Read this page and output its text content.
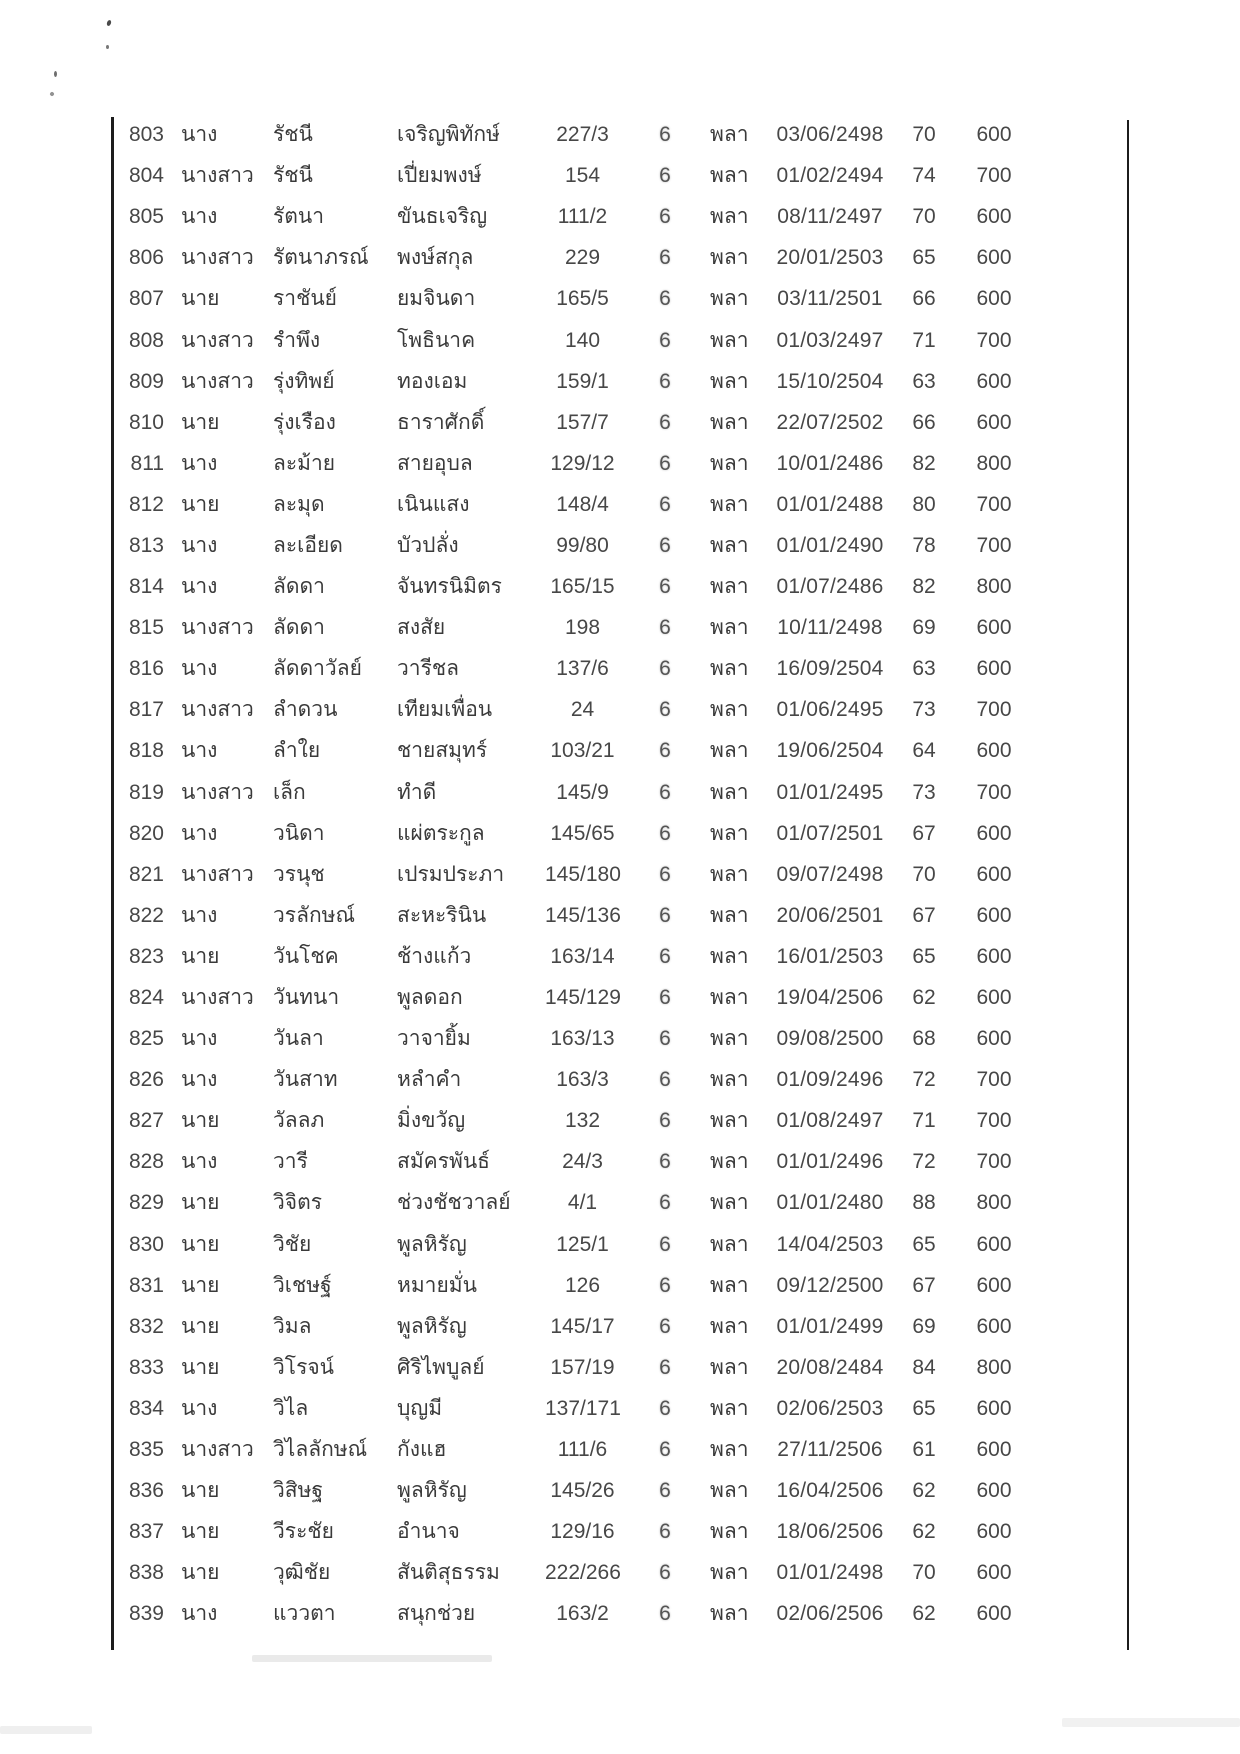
803 นาง	รัชนี	เจริญพิทักษ์	227/3	6	พลา	03/06/2498	70	600
804 นางสาว รัชนี	เปี่ยมพงษ์	154	6	พลา	01/02/2494	74	700
805 นาง	รัตนา	ขันธเจริญ	111/2	6	พลา	08/11/2497	70	600
806 นางสาว รัตนาภรณ์	พงษ์สกุล	229	6	พลา	20/01/2503	65	600
807 นาย	ราชันย์	ยมจินดา	165/5	6	พลา	03/11/2501	66	600
808 นางสาว รำพึง	โพธินาค	140	6	พลา	01/03/2497	71	700
809 นางสาว รุ่งทิพย์	ทองเอม	159/1	6	พลา	15/10/2504	63	600
810 นาย	รุ่งเรือง	ธาราศักดิ์	157/7	6	พลา	22/07/2502	66	600
811 นาง	ละม้าย	สายอุบล	129/12	6	พลา	10/01/2486	82	800
812 นาย	ละมุด	เนินแสง	148/4	6	พลา	01/01/2488	80	700
813 นาง	ละเอียด	บัวปลั่ง	99/80	6	พลา	01/01/2490	78	700
814 นาง	ลัดดา	จันทรนิมิตร	165/15	6	พลา	01/07/2486	82	800
815 นางสาว ลัดดา	สงสัย	198	6	พลา	10/11/2498	69	600
816 นาง	ลัดดาวัลย์	วารีชล	137/6	6	พลา	16/09/2504	63	600
817 นางสาว ลำดวน	เทียมเพื่อน	24	6	พลา	01/06/2495	73	700
818 นาง	ลำใย	ชายสมุทร์	103/21	6	พลา	19/06/2504	64	600
819 นางสาว เล็ก	ทำดี	145/9	6	พลา	01/01/2495	73	700
820 นาง	วนิดา	แผ่ตระกูล	145/65	6	พลา	01/07/2501	67	600
821 นางสาว วรนุช	เปรมประภา	145/180	6	พลา	09/07/2498	70	600
822 นาง	วรลักษณ์	สะหะรินิน	145/136	6	พลา	20/06/2501	67	600
823 นาย	วันโชค	ช้างแก้ว	163/14	6	พลา	16/01/2503	65	600
824 นางสาว วันทนา	พูลดอก	145/129	6	พลา	19/04/2506	62	600
825 นาง	วันลา	วาจายิ้ม	163/13	6	พลา	09/08/2500	68	600
826 นาง	วันสาท	หลำคำ	163/3	6	พลา	01/09/2496	72	700
827 นาย	วัลลภ	มิ่งขวัญ	132	6	พลา	01/08/2497	71	700
828 นาง	วารี	สมัครพันธ์	24/3	6	พลา	01/01/2496	72	700
829 นาย	วิจิตร	ช่วงชัชวาลย์	4/1	6	พลา	01/01/2480	88	800
830 นาย	วิชัย	พูลหิรัญ	125/1	6	พลา	14/04/2503	65	600
831 นาย	วิเชษฐ์	หมายมั่น	126	6	พลา	09/12/2500	67	600
832 นาย	วิมล	พูลหิรัญ	145/17	6	พลา	01/01/2499	69	600
833 นาย	วิโรจน์	ศิริไพบูลย์	157/19	6	พลา	20/08/2484	84	800
834 นาง	วิไล	บุญมี	137/171	6	พลา	02/06/2503	65	600
835 นางสาว วิไลลักษณ์	กังแฮ	111/6	6	พลา	27/11/2506	61	600
836 นาย	วิสิษฐ	พูลหิรัญ	145/26	6	พลา	16/04/2506	62	600
837 นาย	วีระชัย	อำนาจ	129/16	6	พลา	18/06/2506	62	600
838 นาย	วุฒิชัย	สันติสุธรรม	222/266	6	พลา	01/01/2498	70	600
839 นาง	แววตา	สนุกช่วย	163/2	6	พลา	02/06/2506	62	600
